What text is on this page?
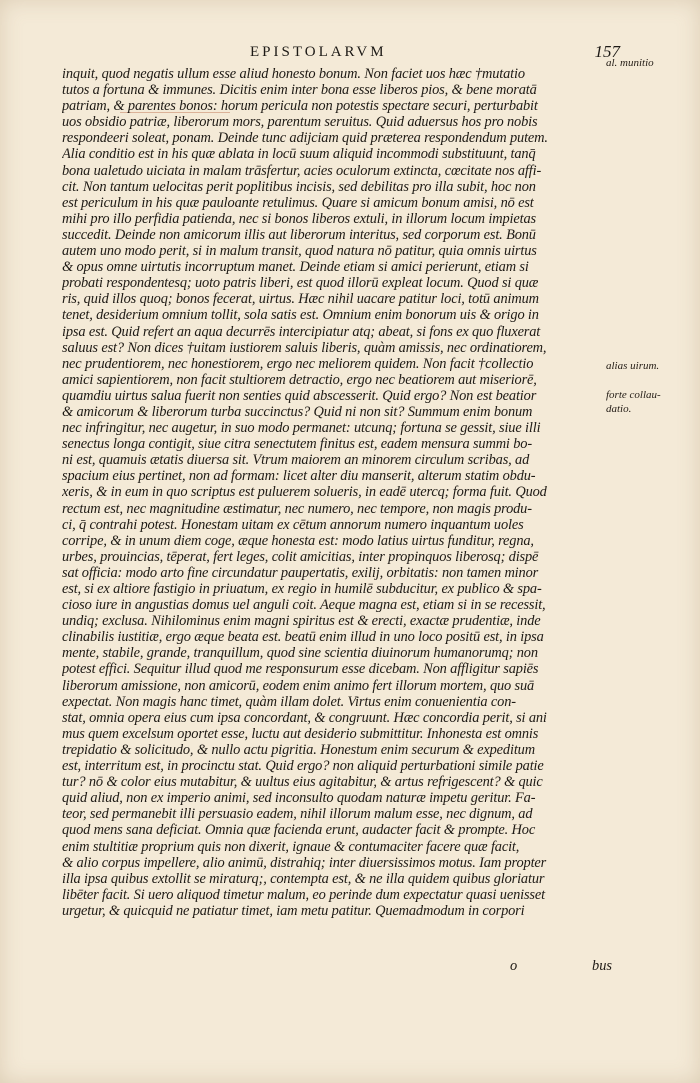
EPISTOLARVM	157
inquit, quod negatis ullum esse aliud honesto bonum. Non faciet uos hæc †mutatio
tutos a fortuna & immunes. Dicitis enim inter bona esse liberos pios, & bene moratā
patriam, & parentes bonos: horum pericula non potestis spectare securi, perturbabit
uos obsidio patriæ, liberorum mors, parentum seruitus. Quid aduersus hos pro nobis
respondeeri soleat, ponam. Deinde tunc adijciam quid præterea respondendum putem.
Alia conditio est in his quæ ablata in locū suum aliquid incommodi substituunt, tanq̄
bona ualetudo uiciata in malam trāsfertur, acies oculorum extincta, cœcitate nos affi-
cit. Non tantum uelocitas perit poplitibus incisis, sed debilitas pro illa subit, hoc non
est periculum in his quæ pauloante retulimus. Quare si amicum bonum amisi, nō est
mihi pro illo perfidia patienda, nec si bonos liberos extuli, in illorum locum impietas
succedit. Deinde non amicorum illis aut liberorum interitus, sed corporum est. Bonū
autem uno modo perit, si in malum transit, quod natura nō patitur, quia omnis uirtus
& opus omne uirtutis incorruptum manet. Deinde etiam si amici perierunt, etiam si
probati respondentesq; uoto patris liberi, est quod illorū expleat locum. Quod si quæ
ris, quid illos quoq; bonos fecerat, uirtus. Hæc nihil uacare patitur loci, totū animum
tenet, desiderium omnium tollit, sola satis est. Omnium enim bonorum uis & origo in
ipsa est. Quid refert an aqua decurrēs intercipiatur atq; abeat, si fons ex quo fluxerat
saluus est? Non dices †uitam iustiorem saluis liberis, quàm amissis, nec ordinatiorem,
nec prudentiorem, nec honestiorem, ergo nec meliorem quidem. Non facit †collectio
amici sapientiorem, non facit stultiorem detractio, ergo nec beatiorem aut miseriorē,
quamdiu uirtus salua fuerit non senties quid abscesserit. Quid ergo? Non est beatior
& amicorum & liberorum turba succinctus? Quid ni non sit? Summum enim bonum
nec infringitur, nec augetur, in suo modo permanet: utcunq; fortuna se gessit, siue illi
senectus longa contigit, siue citra senectutem finitus est, eadem mensura summi bo-
ni est, quamuis ætatis diuersa sit. Vtrum maiorem an minorem circulum scribas, ad
spacium eius pertinet, non ad formam: licet alter diu manserit, alterum statim obdu-
xeris, & in eum in quo scriptus est puluerem solueris, in eadē utercq; forma fuit. Quod
rectum est, nec magnitudine æstimatur, nec numero, nec tempore, non magis produ-
ci, q̄ contrahi potest. Honestam uitam ex cētum annorum numero inquantum uoles
corripe, & in unum diem coge, æque honesta est: modo latius uirtus funditur, regna,
urbes, prouincias, tēperat, fert leges, colit amicitias, inter propinquos liberosq; dispē
sat officia: modo arto fine circundatur paupertatis, exilij, orbitatis: non tamen minor
est, si ex altiore fastigio in priuatum, ex regio in humilē subducitur, ex publico & spa-
cioso iure in angustias domus uel anguli coit. Aeque magna est, etiam si in se recessit,
undiq; exclusa. Nihilominus enim magni spiritus est & erecti, exactæ prudentiæ, inde
clinabilis iustitiæ, ergo æque beata est. beatū enim illud in uno loco positū est, in ipsa
mente, stabile, grande, tranquillum, quod sine scientia diuinorum humanorumq; non
potest effici. Sequitur illud quod me responsurum esse dicebam. Non affligitur sapiēs
liberorum amissione, non amicorū, eodem enim animo fert illorum mortem, quo suā
expectat. Non magis hanc timet, quàm illam dolet. Virtus enim conuenientia con-
stat, omnia opera eius cum ipsa concordant, & congruunt. Hæc concordia perit, si ani
mus quem excelsum oportet esse, luctu aut desiderio submittitur. Inhonesta est omnis
trepidatio & solicitudo, & nullo actu pigritia. Honestum enim securum & expeditum
est, interritum est, in procinctu stat. Quid ergo? non aliquid perturbationi simile patie
tur? nō & color eius mutabitur, & uultus eius agitabitur, & artus refrigescent? & quic
quid aliud, non ex imperio animi, sed inconsulto quodam naturæ impetu geritur. Fa-
teor, sed permanebit illi persuasio eadem, nihil illorum malum esse, nec dignum, ad
quod mens sana deficiat. Omnia quæ facienda erunt, audacter facit & prompte. Hoc
enim stultitiæ proprium quis non dixerit, ignaue & contumaciter facere quæ facit,
& alio corpus impellere, alio animū, distrahiq; inter diuersissimos motus. Iam propter
illa ipsa quibus extollit se miraturq;, contempta est, & ne illa quidem quibus gloriatur
libēter facit. Si uero aliquod timetur malum, eo perinde dum expectatur quasi uenisset
urgetur, & quicquid ne patiatur timet, iam metu patitur. Quemadmodum in corpori
o	bus
al. munitio
alias uirum.
forte collau-
datio.
